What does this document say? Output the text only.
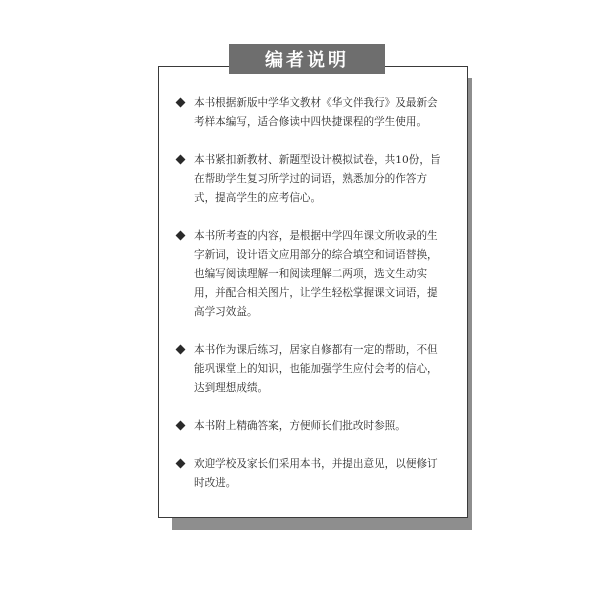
编者说明
本书根据新版中学华文教材《华文伴我行》及最新会
考样本编写，适合修读中四快捷课程的学生使用。
本书紧扣新教材、新题型设计模拟试卷，共10份，旨
在帮助学生复习所学过的词语，熟悉加分的作答方
式，提高学生的应考信心。
本书所考查的内容，是根据中学四年课文所收录的生
字新词，设计语文应用部分的综合填空和词语替换，
也编写阅读理解一和阅读理解二两项，选文生动实
用，并配合相关图片，让学生轻松掌握课文词语，提
高学习效益。
本书作为课后练习，居家自修都有一定的帮助，不但
能巩课堂上的知识，也能加强学生应付会考的信心，
达到理想成绩。
本书附上精确答案，方便师长们批改时参照。
欢迎学校及家长们采用本书，并提出意见，以便修订
时改进。
